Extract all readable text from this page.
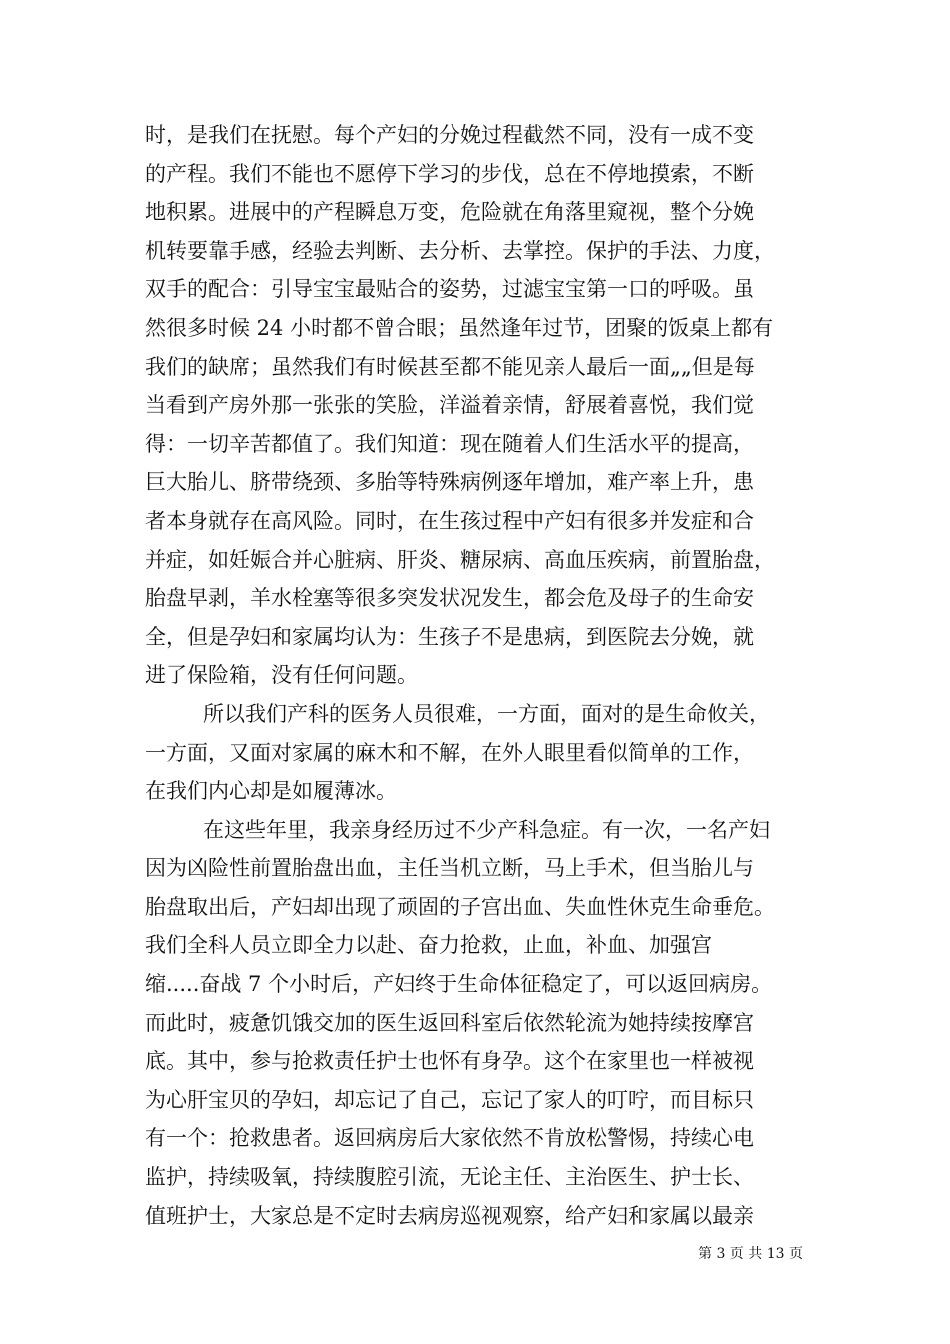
时，是我们在抚慰。每个产妇的分娩过程截然不同，没有一成不变
的产程。我们不能也不愿停下学习的步伐，总在不停地摸索，不断
地积累。进展中的产程瞬息万变，危险就在角落里窥视，整个分娩
机转要靠手感，经验去判断、去分析、去掌控。保护的手法、力度，
双手的配合：引导宝宝最贴合的姿势，过滤宝宝第一口的呼吸。虽
然很多时候 24 小时都不曾合眼；虽然逢年过节，团聚的饭桌上都有
我们的缺席；虽然我们有时候甚至都不能见亲人最后一面„„但是每
当看到产房外那一张张的笑脸，洋溢着亲情，舒展着喜悦，我们觉
得：一切辛苦都值了。我们知道：现在随着人们生活水平的提高，
巨大胎儿、脐带绕颈、多胎等特殊病例逐年增加，难产率上升，患
者本身就存在高风险。同时，在生孩过程中产妇有很多并发症和合
并症，如妊娠合并心脏病、肝炎、糖尿病、高血压疾病，前置胎盘，
胎盘早剥，羊水栓塞等很多突发状况发生，都会危及母子的生命安
全，但是孕妇和家属均认为：生孩子不是患病，到医院去分娩，就
进了保险箱，没有任何问题。
所以我们产科的医务人员很难，一方面，面对的是生命攸关，
一方面，又面对家属的麻木和不解，在外人眼里看似简单的工作，
在我们内心却是如履薄冰。
在这些年里，我亲身经历过不少产科急症。有一次，一名产妇
因为凶险性前置胎盘出血，主任当机立断，马上手术，但当胎儿与
胎盘取出后，产妇却出现了顽固的子宫出血、失血性休克生命垂危。
我们全科人员立即全力以赴、奋力抢救，止血，补血、加强宫
缩.....奋战 7 个小时后，产妇终于生命体征稳定了，可以返回病房。
而此时，疲惫饥饿交加的医生返回科室后依然轮流为她持续按摩宫
底。其中，参与抢救责任护士也怀有身孕。这个在家里也一样被视
为心肝宝贝的孕妇，却忘记了自己，忘记了家人的叮咛，而目标只
有一个：抢救患者。返回病房后大家依然不肯放松警惕，持续心电
监护，持续吸氧，持续腹腔引流，无论主任、主治医生、护士长、
值班护士，大家总是不定时去病房巡视观察，给产妇和家属以最亲
第 3 页 共 13 页
